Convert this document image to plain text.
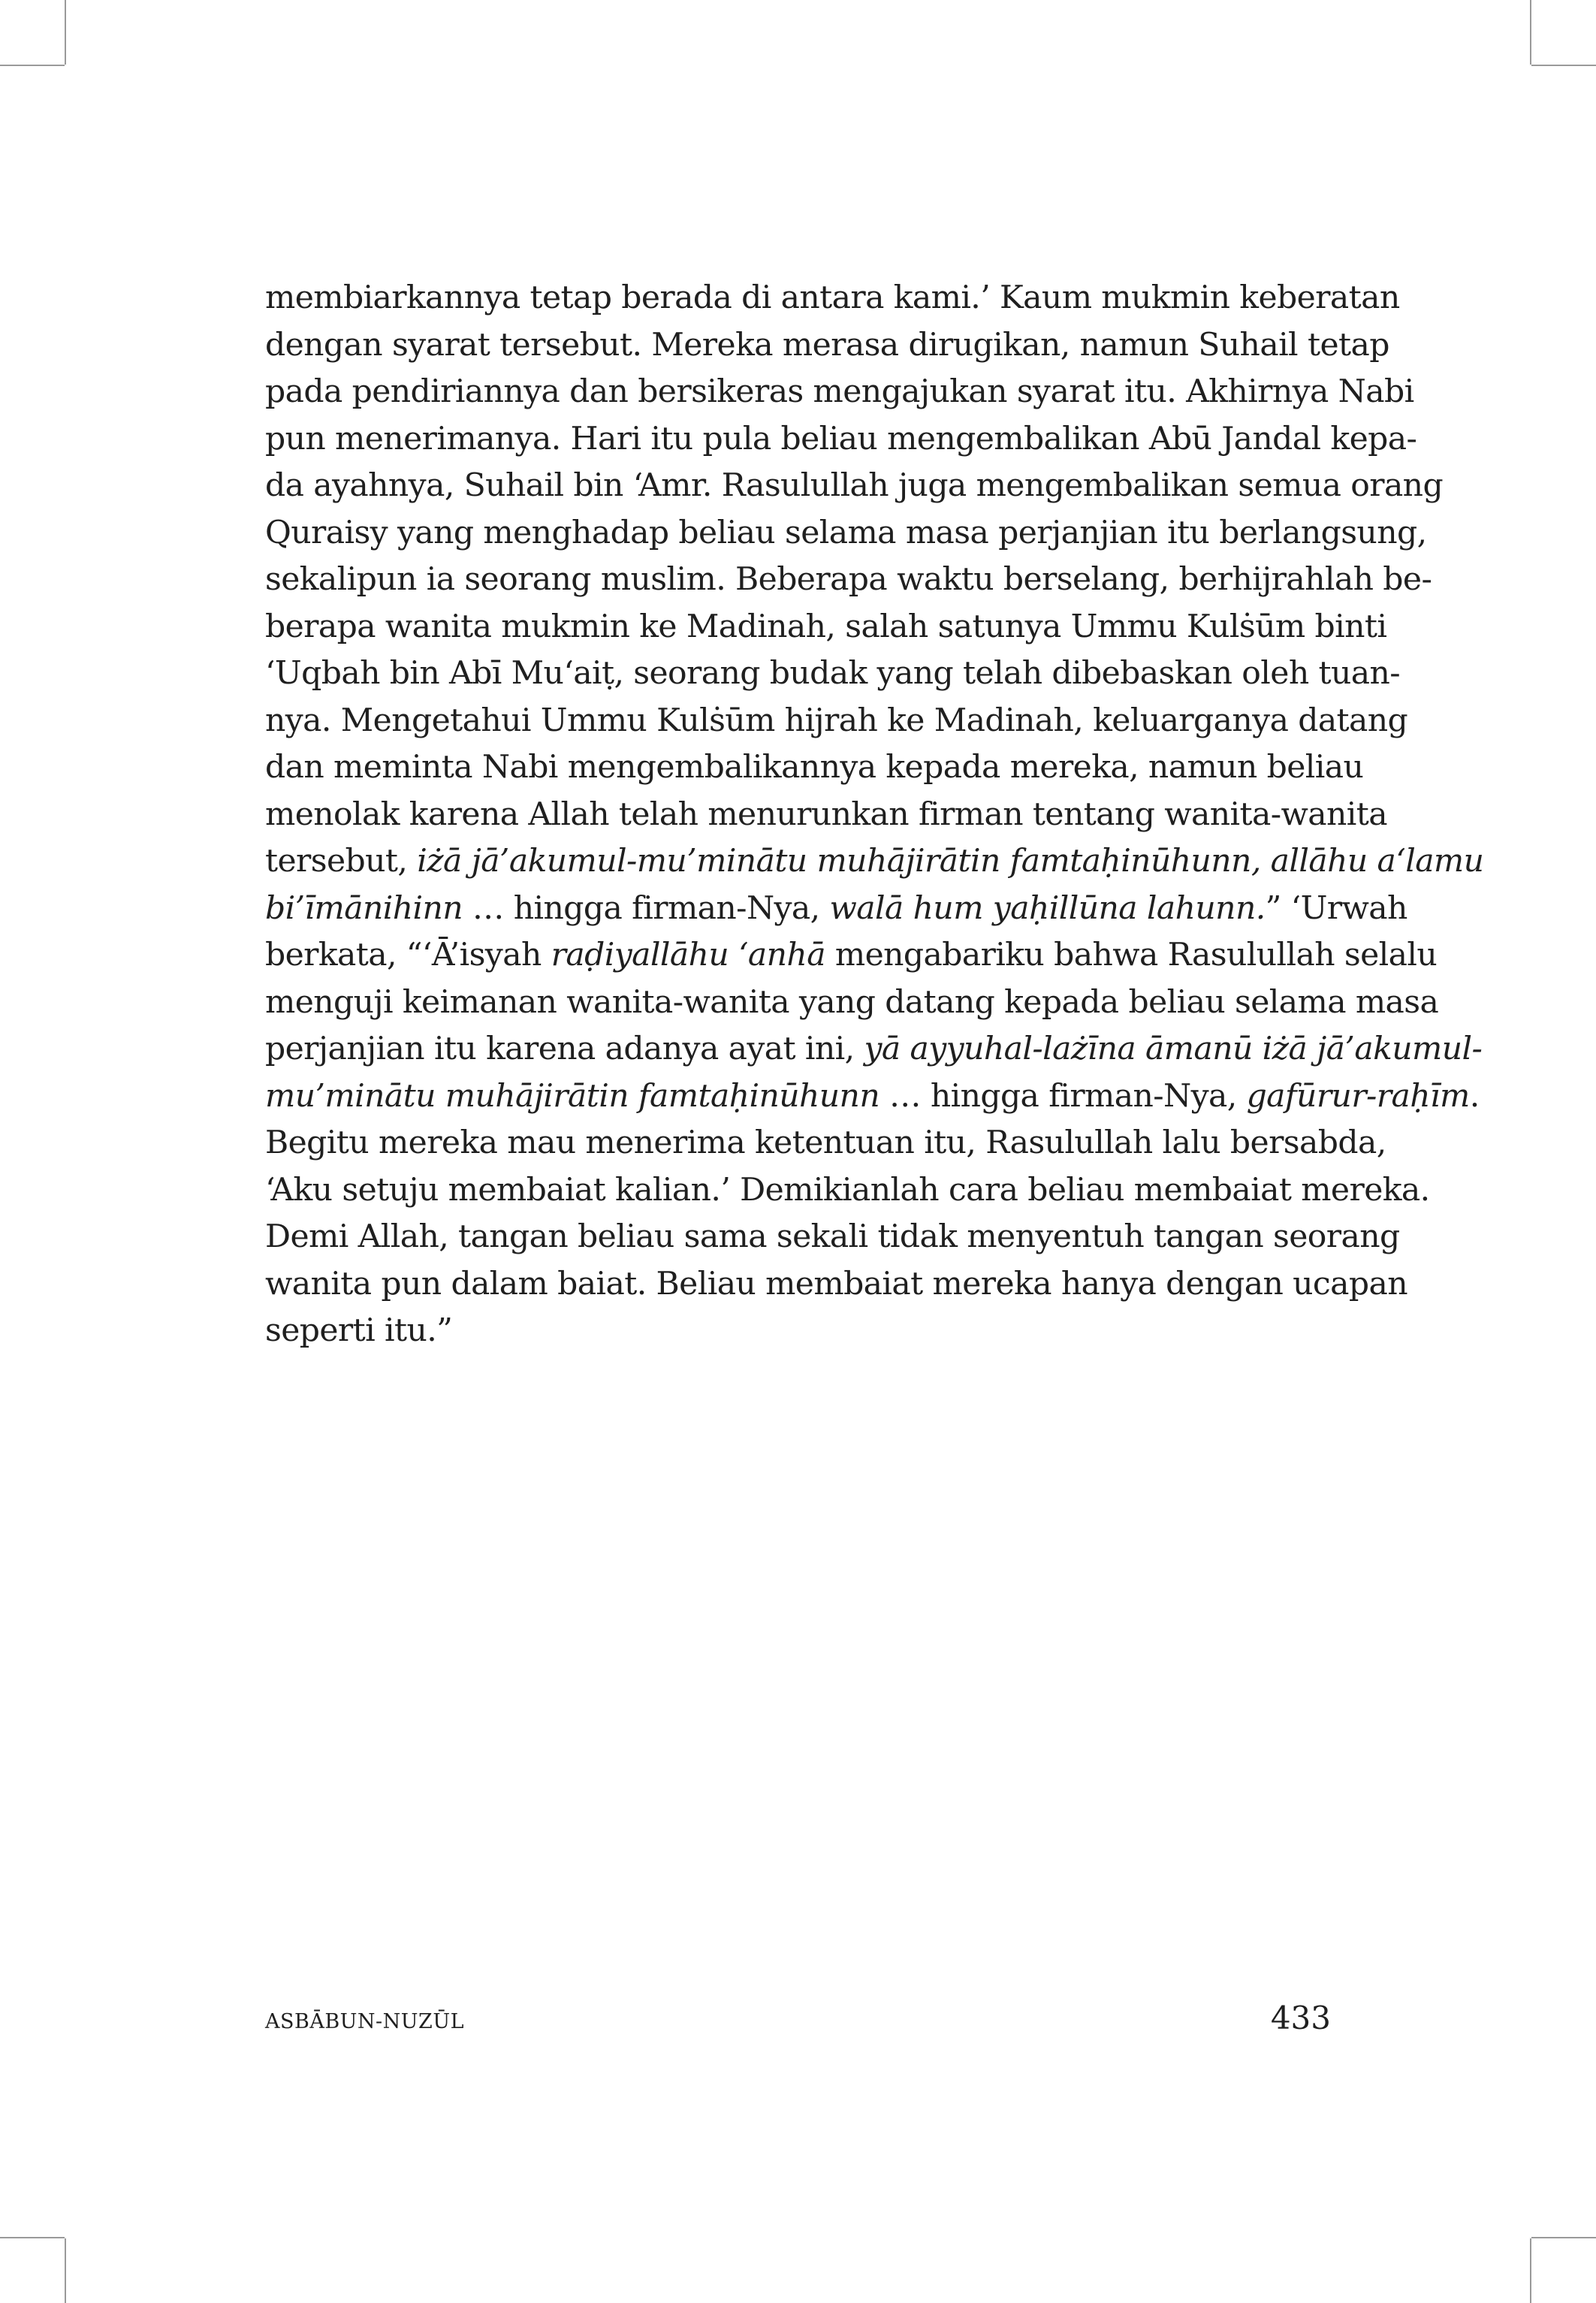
membiarkannya tetap berada di antara kami.’ Kaum mukmin keberatan
dengan syarat tersebut. Mereka merasa dirugikan, namun Suhail tetap
pada pendiriannya dan bersikeras mengajukan syarat itu. Akhirnya Nabi
pun menerimanya. Hari itu pula beliau mengembalikan Abū Jandal kepa-
da ayahnya, Suhail bin ‘Amr. Rasulullah juga mengembalikan semua orang
Quraisy yang menghadap beliau selama masa perjanjian itu berlangsung,
sekalipun ia seorang muslim. Beberapa waktu berselang, berhijrahlah be-
berapa wanita mukmin ke Madinah, salah satunya Ummu Kulṡūm binti
‘Uqbah bin Abī Mu‘aiṭ, seorang budak yang telah dibebaskan oleh tuan-
nya. Mengetahui Ummu Kulṡūm hijrah ke Madinah, keluarganya datang
dan meminta Nabi mengembalikannya kepada mereka, namun beliau
menolak karena Allah telah menurunkan firman tentang wanita-wanita
tersebut, iżā jā’akumul-mu’minātu muhājirātin famtaḥinūhunn, allāhu a‘lamu
bi’īmānihinn … hingga firman-Nya, walā hum yaḥillūna lahunn.” ‘Urwah
berkata, “‘Ā’isyah raḍiyallāhu ‘anhā mengabariku bahwa Rasulullah selalu
menguji keimanan wanita-wanita yang datang kepada beliau selama masa
perjanjian itu karena adanya ayat ini, yā ayyuhal-lażīna āmanū iżā jā’akumul-
mu’minātu muhājirātin famtaḥinūhunn … hingga firman-Nya, gafūrur-raḥīm.
Begitu mereka mau menerima ketentuan itu, Rasulullah lalu bersabda,
‘Aku setuju membaiat kalian.’ Demikianlah cara beliau membaiat mereka.
Demi Allah, tangan beliau sama sekali tidak menyentuh tangan seorang
wanita pun dalam baiat. Beliau membaiat mereka hanya dengan ucapan
seperti itu.”

ASBĀBUN-NUZŪL	433
